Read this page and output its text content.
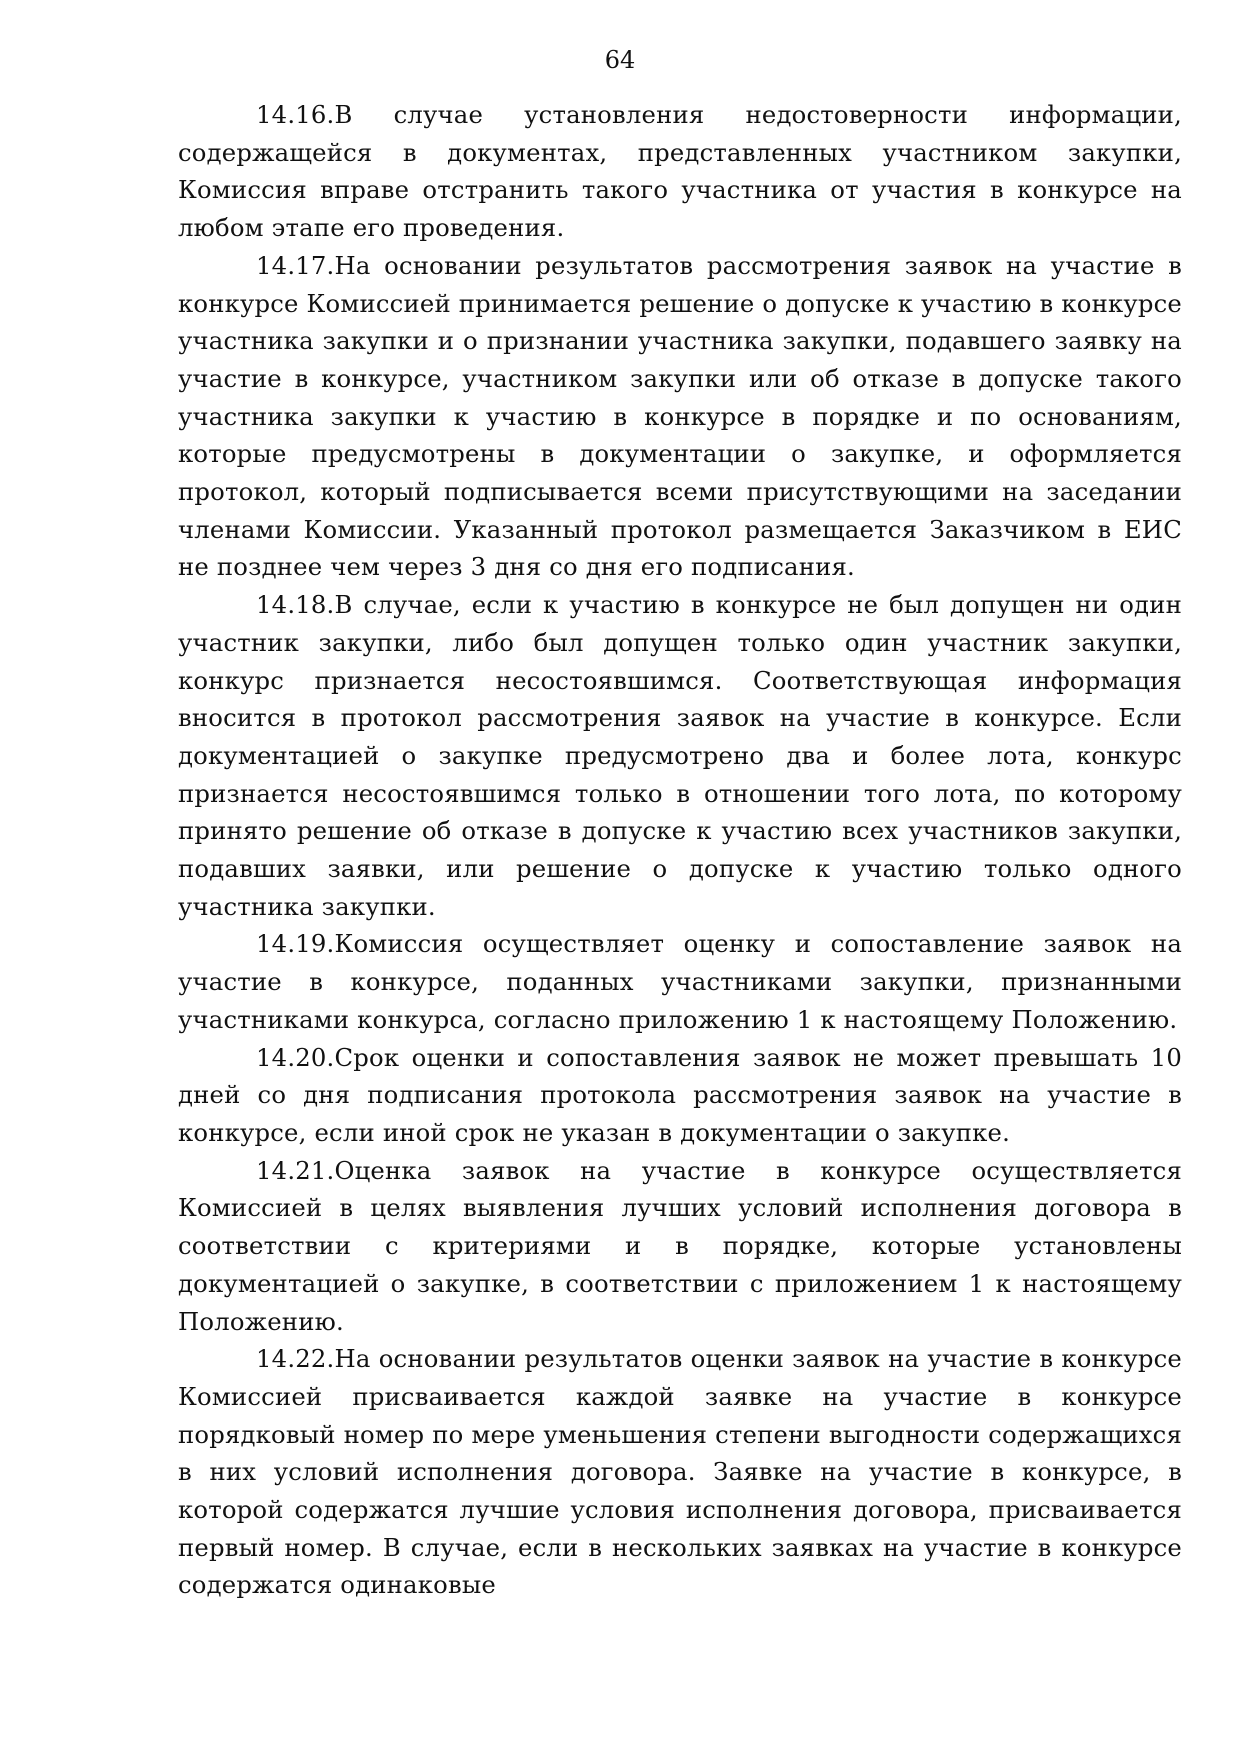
64

14.16.В случае установления недостоверности информации, содержащейся в документах, представленных участником закупки, Комиссия вправе отстранить такого участника от участия в конкурсе на любом этапе его проведения.

14.17.На основании результатов рассмотрения заявок на участие в конкурсе Комиссией принимается решение о допуске к участию в конкурсе участника закупки и о признании участника закупки, подавшего заявку на участие в конкурсе, участником закупки или об отказе в допуске такого участника закупки к участию в конкурсе в порядке и по основаниям, которые предусмотрены в документации о закупке, и оформляется протокол, который подписывается всеми присутствующими на заседании членами Комиссии. Указанный протокол размещается Заказчиком в ЕИС не позднее чем через 3 дня со дня его подписания.

14.18.В случае, если к участию в конкурсе не был допущен ни один участник закупки, либо был допущен только один участник закупки, конкурс признается несостоявшимся. Соответствующая информация вносится в протокол рассмотрения заявок на участие в конкурсе. Если документацией о закупке предусмотрено два и более лота, конкурс признается несостоявшимся только в отношении того лота, по которому принято решение об отказе в допуске к участию всех участников закупки, подавших заявки, или решение о допуске к участию только одного участника закупки.

14.19.Комиссия осуществляет оценку и сопоставление заявок на участие в конкурсе, поданных участниками закупки, признанными участниками конкурса, согласно приложению 1 к настоящему Положению.

14.20.Срок оценки и сопоставления заявок не может превышать 10 дней со дня подписания протокола рассмотрения заявок на участие в конкурсе, если иной срок не указан в документации о закупке.

14.21.Оценка заявок на участие в конкурсе осуществляется Комиссией в целях выявления лучших условий исполнения договора в соответствии с критериями и в порядке, которые установлены документацией о закупке, в соответствии с приложением 1 к настоящему Положению.

14.22.На основании результатов оценки заявок на участие в конкурсе Комиссией присваивается каждой заявке на участие в конкурсе порядковый номер по мере уменьшения степени выгодности содержащихся в них условий исполнения договора. Заявке на участие в конкурсе, в которой содержатся лучшие условия исполнения договора, присваивается первый номер. В случае, если в нескольких заявках на участие в конкурсе содержатся одинаковые
